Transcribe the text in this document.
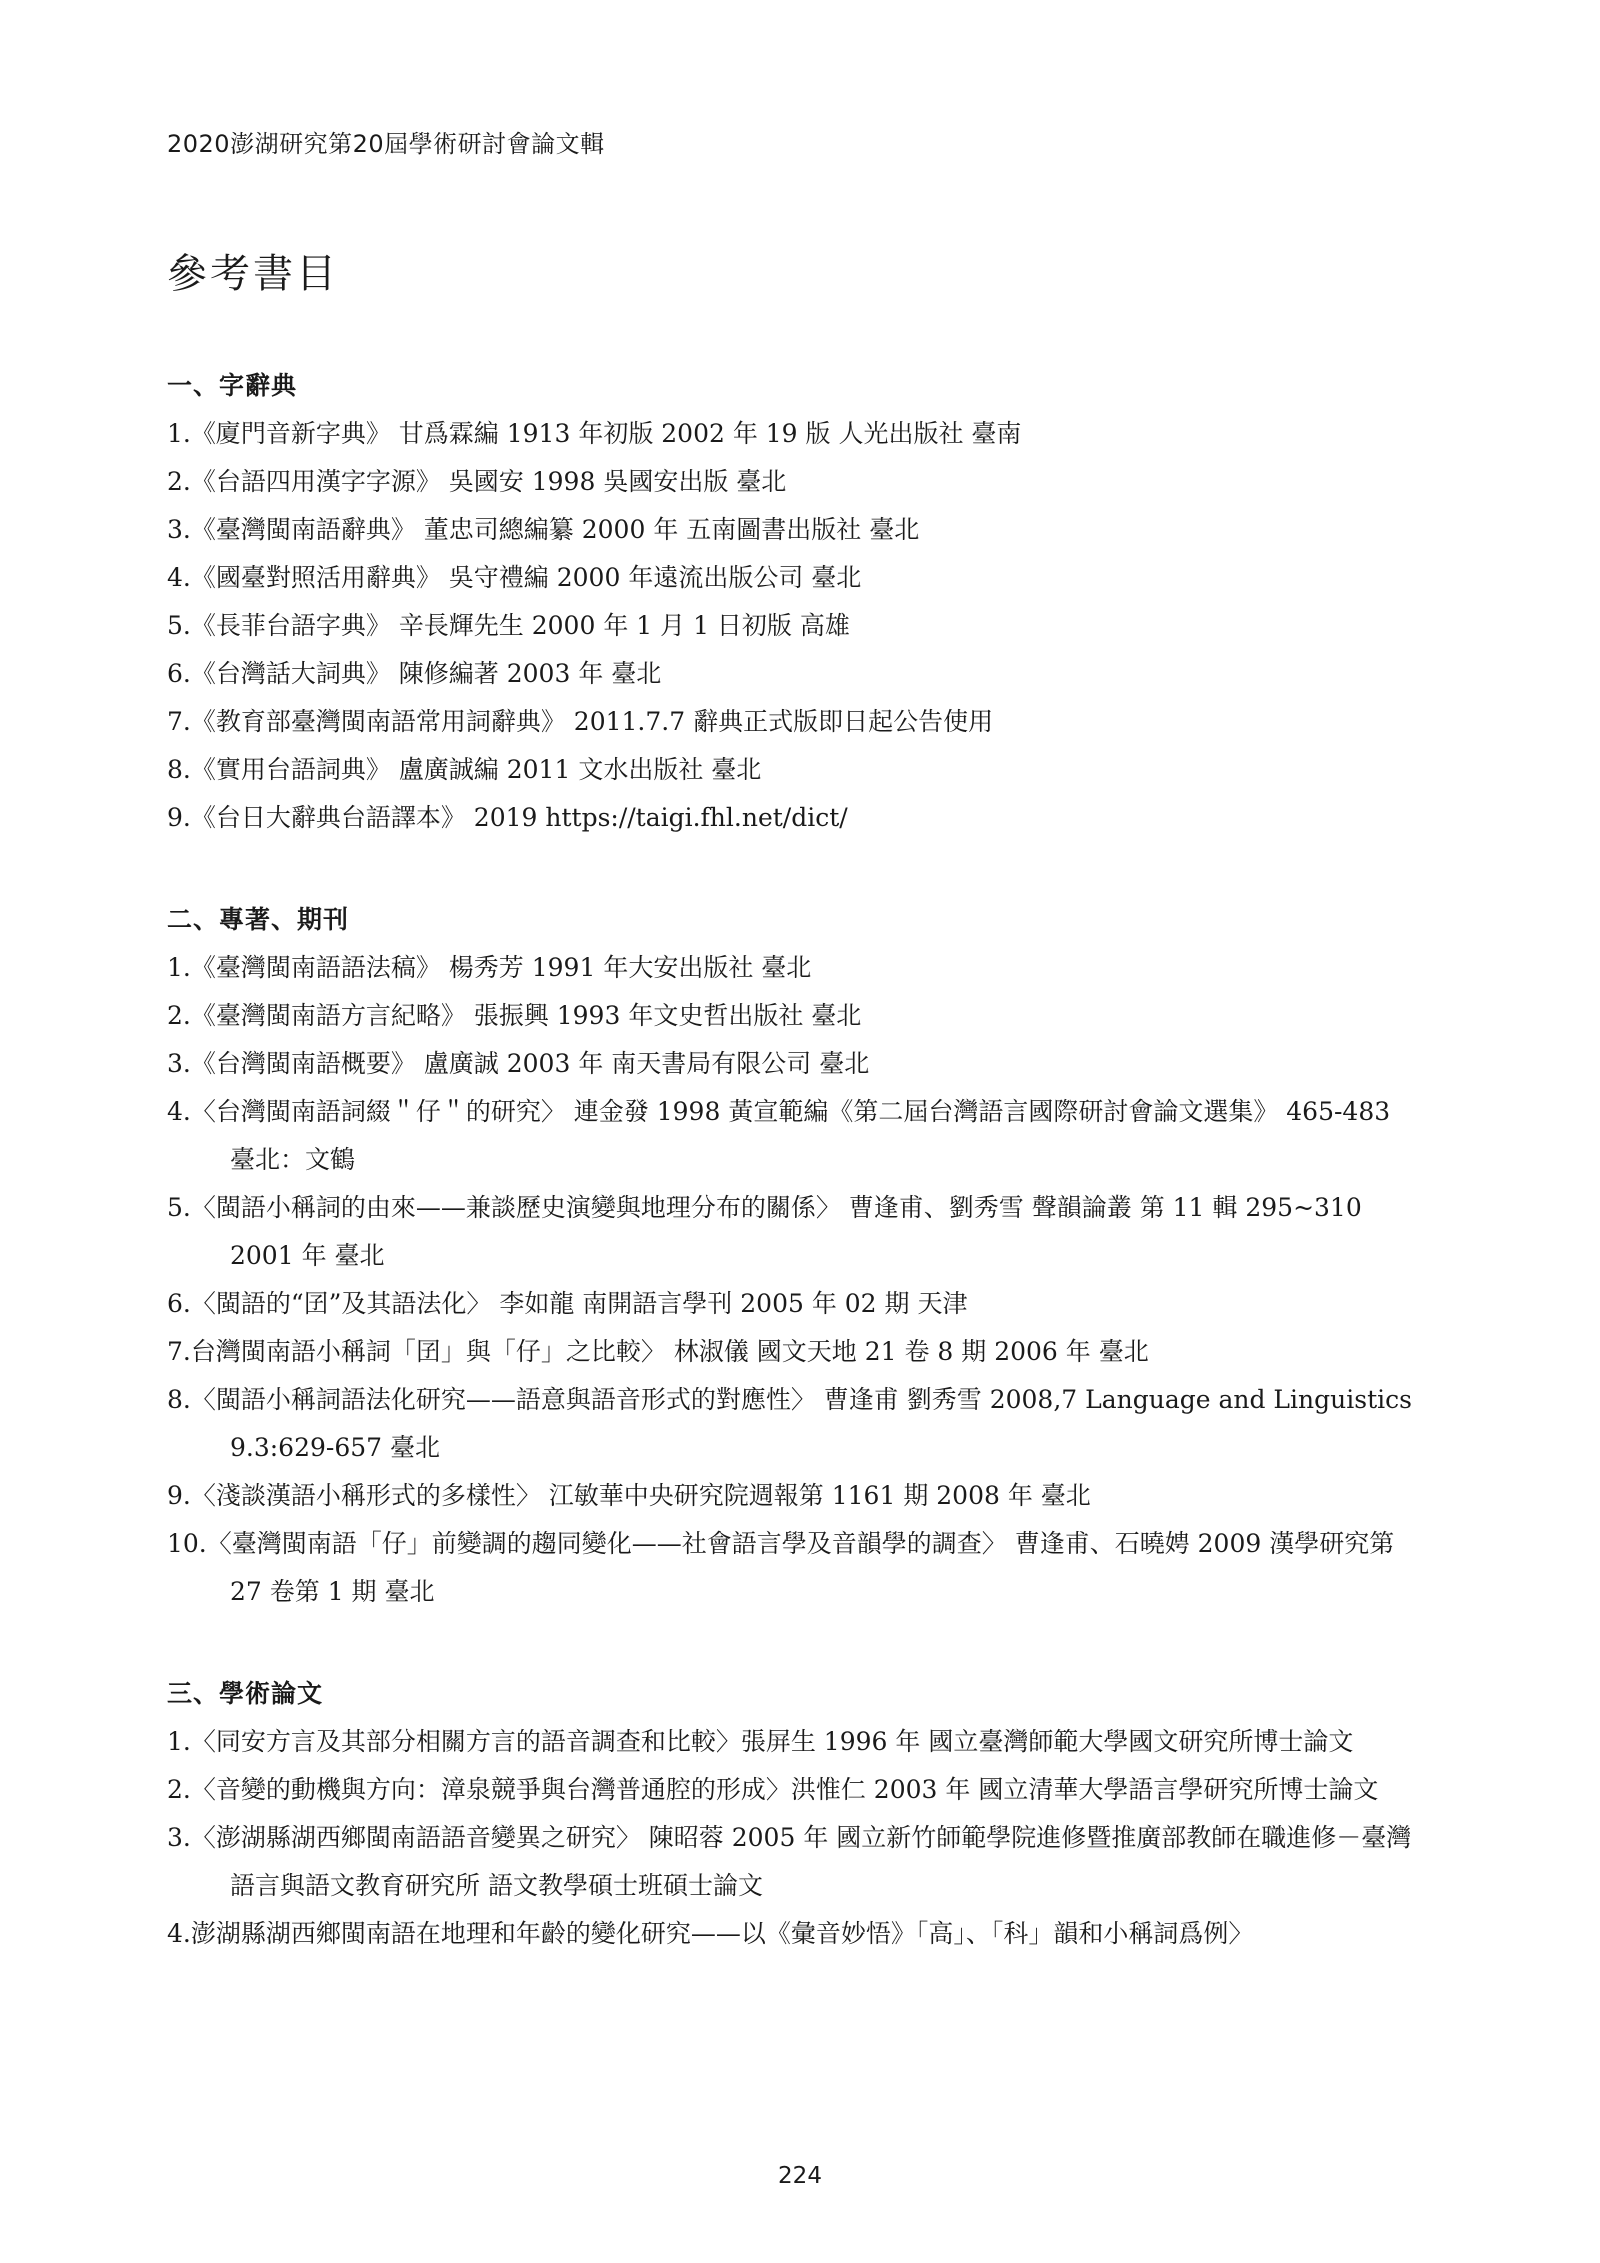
2020澎湖研究第20屆學術研討會論文輯
參考書目
一、字辭典
1.《廈門音新字典》 甘爲霖編 1913 年初版 2002 年 19 版 人光出版社 臺南
2.《台語四用漢字字源》 吳國安 1998 吳國安出版 臺北
3.《臺灣閩南語辭典》 董忠司總編纂 2000 年 五南圖書出版社 臺北
4.《國臺對照活用辭典》 吳守禮編 2000 年遠流出版公司 臺北
5.《長菲台語字典》 辛長輝先生 2000 年 1 月 1 日初版 高雄
6.《台灣話大詞典》 陳修編著 2003 年 臺北
7.《教育部臺灣閩南語常用詞辭典》 2011.7.7 辭典正式版即日起公告使用
8.《實用台語詞典》 盧廣誠編 2011 文水出版社 臺北
9.《台日大辭典台語譯本》 2019 https://taigi.fhl.net/dict/
二、專著、期刊
1.《臺灣閩南語語法稿》 楊秀芳 1991 年大安出版社 臺北
2.《臺灣閩南語方言紀略》 張振興 1993 年文史哲出版社 臺北
3.《台灣閩南語概要》 盧廣誠 2003 年 南天書局有限公司 臺北
4.〈台灣閩南語詞綴＂仔＂的研究〉 連金發 1998 黃宣範編《第二屆台灣語言國際研討會論文選集》 465-483 臺北：文鶴
5.〈閩語小稱詞的由來——兼談歷史演變與地理分布的關係〉 曹逢甫、劉秀雪 聲韻論叢 第 11 輯 295~310 2001 年 臺北
6.〈閩語的“囝”及其語法化〉 李如龍 南開語言學刊 2005 年 02 期 天津
7.台灣閩南語小稱詞「囝」與「仔」之比較〉 林淑儀 國文天地 21 卷 8 期 2006 年 臺北
8.〈閩語小稱詞語法化研究——語意與語音形式的對應性〉 曹逢甫 劉秀雪 2008,7 Language and Linguistics 9.3:629-657 臺北
9.〈淺談漢語小稱形式的多樣性〉 江敏華中央研究院週報第 1161 期 2008 年 臺北
10.〈臺灣閩南語「仔」前變調的趨同變化——社會語言學及音韻學的調查〉 曹逢甫、石曉娉 2009 漢學研究第 27 卷第 1 期 臺北
三、學術論文
1.〈同安方言及其部分相關方言的語音調查和比較〉張屏生 1996 年 國立臺灣師範大學國文研究所博士論文
2.〈音變的動機與方向：漳泉競爭與台灣普通腔的形成〉洪惟仁 2003 年 國立清華大學語言學研究所博士論文
3.〈澎湖縣湖西鄉閩南語語音變異之研究〉 陳昭蓉 2005 年 國立新竹師範學院進修暨推廣部教師在職進修－臺灣語言與語文教育研究所 語文教學碩士班碩士論文
4.澎湖縣湖西鄉閩南語在地理和年齡的變化研究——以《彙音妙悟》「高」、「科」韻和小稱詞爲例〉
224
